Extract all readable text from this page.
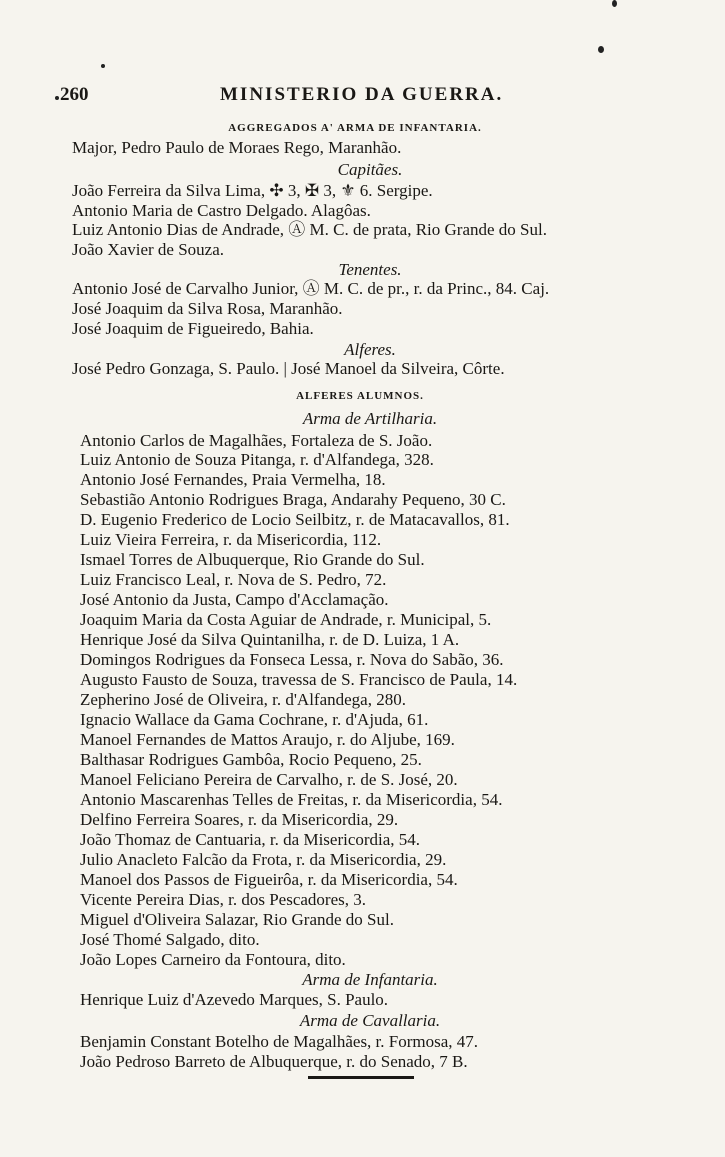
260	MINISTERIO DA GUERRA.
AGGREGADOS A' ARMA DE INFANTARIA.
Major, Pedro Paulo de Moraes Rego, Maranhão.
Capitães.
João Ferreira da Silva Lima, ✣ 3, ✠ 3, ⚜ 6. Sergipe.
Antonio Maria de Castro Delgado. Alagôas.
Luiz Antonio Dias de Andrade, Ⓐ M. C. de prata, Rio Grande do Sul.
João Xavier de Souza.
Tenentes.
Antonio José de Carvalho Junior, Ⓐ M. C. de pr., r. da Princ., 84. Caj.
José Joaquim da Silva Rosa, Maranhão.
José Joaquim de Figueiredo, Bahia.
Alferes.
José Pedro Gonzaga, S. Paulo. | José Manoel da Silveira, Côrte.
ALFERES ALUMNOS.
Arma de Artilharia.
Antonio Carlos de Magalhães, Fortaleza de S. João.
Luiz Antonio de Souza Pitanga, r. d'Alfandega, 328.
Antonio José Fernandes, Praia Vermelha, 18.
Sebastião Antonio Rodrigues Braga, Andarahy Pequeno, 30 C.
D. Eugenio Frederico de Locio Seilbitz, r. de Matacavallos, 81.
Luiz Vieira Ferreira, r. da Misericordia, 112.
Ismael Torres de Albuquerque, Rio Grande do Sul.
Luiz Francisco Leal, r. Nova de S. Pedro, 72.
José Antonio da Justa, Campo d'Acclamação.
Joaquim Maria da Costa Aguiar de Andrade, r. Municipal, 5.
Henrique José da Silva Quintanilha, r. de D. Luiza, 1 A.
Domingos Rodrigues da Fonseca Lessa, r. Nova do Sabão, 36.
Augusto Fausto de Souza, travessa de S. Francisco de Paula, 14.
Zepherino José de Oliveira, r. d'Alfandega, 280.
Ignacio Wallace da Gama Cochrane, r. d'Ajuda, 61.
Manoel Fernandes de Mattos Araujo, r. do Aljube, 169.
Balthasar Rodrigues Gambôa, Rocio Pequeno, 25.
Manoel Feliciano Pereira de Carvalho, r. de S. José, 20.
Antonio Mascarenhas Telles de Freitas, r. da Misericordia, 54.
Delfino Ferreira Soares, r. da Misericordia, 29.
João Thomaz de Cantuaria, r. da Misericordia, 54.
Julio Anacleto Falcão da Frota, r. da Misericordia, 29.
Manoel dos Passos de Figueirôa, r. da Misericordia, 54.
Vicente Pereira Dias, r. dos Pescadores, 3.
Miguel d'Oliveira Salazar, Rio Grande do Sul.
José Thomé Salgado, dito.
João Lopes Carneiro da Fontoura, dito.
Arma de Infantaria.
Henrique Luiz d'Azevedo Marques, S. Paulo.
Arma de Cavallaria.
Benjamin Constant Botelho de Magalhães, r. Formosa, 47.
João Pedroso Barreto de Albuquerque, r. do Senado, 7 B.
